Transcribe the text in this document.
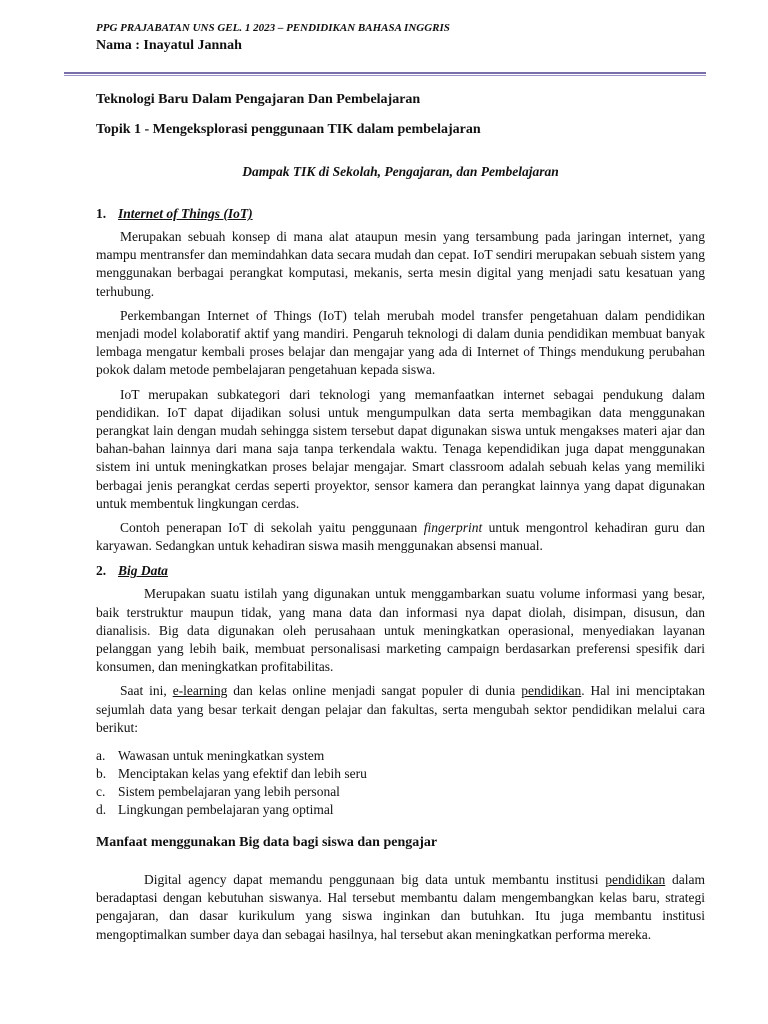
PPG PRAJABATAN UNS GEL. 1 2023 – PENDIDIKAN BAHASA INGGRIS

Nama : Inayatul Jannah

Teknologi Baru Dalam Pengajaran Dan Pembelajaran

Topik 1 - Mengeksplorasi penggunaan TIK dalam pembelajaran

Dampak TIK di Sekolah, Pengajaran, dan Pembelajaran

1. Internet of Things (IoT)

Merupakan sebuah konsep di mana alat ataupun mesin yang tersambung pada jaringan internet, yang mampu mentransfer dan memindahkan data secara mudah dan cepat. IoT sendiri merupakan sebuah sistem yang menggunakan berbagai perangkat komputasi, mekanis, serta mesin digital yang menjadi satu kesatuan yang terhubung.

Perkembangan Internet of Things (IoT) telah merubah model transfer pengetahuan dalam pendidikan menjadi model kolaboratif aktif yang mandiri. Pengaruh teknologi di dalam dunia pendidikan membuat banyak lembaga mengatur kembali proses belajar dan mengajar yang ada di Internet of Things mendukung perubahan pokok dalam metode pembelajaran pengetahuan kepada siswa.

IoT merupakan subkategori dari teknologi yang memanfaatkan internet sebagai pendukung dalam pendidikan. IoT dapat dijadikan solusi untuk mengumpulkan data serta membagikan data menggunakan perangkat lain dengan mudah sehingga sistem tersebut dapat digunakan siswa untuk mengakses materi ajar dan bahan-bahan lainnya dari mana saja tanpa terkendala waktu. Tenaga kependidikan juga dapat menggunakan sistem ini untuk meningkatkan proses belajar mengajar. Smart classroom adalah sebuah kelas yang memiliki berbagai jenis perangkat cerdas seperti proyektor, sensor kamera dan perangkat lainnya yang dapat digunakan untuk membentuk lingkungan cerdas.

Contoh penerapan IoT di sekolah yaitu penggunaan fingerprint untuk mengontrol kehadiran guru dan karyawan. Sedangkan untuk kehadiran siswa masih menggunakan absensi manual.

2. Big Data

Merupakan suatu istilah yang digunakan untuk menggambarkan suatu volume informasi yang besar, baik terstruktur maupun tidak, yang mana data dan informasi nya dapat diolah, disimpan, disusun, dan dianalisis. Big data digunakan oleh perusahaan untuk meningkatkan operasional, menyediakan layanan pelanggan yang lebih baik, membuat personalisasi marketing campaign berdasarkan preferensi spesifik dari konsumen, dan meningkatkan profitabilitas.

Saat ini, e-learning dan kelas online menjadi sangat populer di dunia pendidikan. Hal ini menciptakan sejumlah data yang besar terkait dengan pelajar dan fakultas, serta mengubah sektor pendidikan melalui cara berikut:

a. Wawasan untuk meningkatkan system
b. Menciptakan kelas yang efektif dan lebih seru
c. Sistem pembelajaran yang lebih personal
d. Lingkungan pembelajaran yang optimal

Manfaat menggunakan Big data bagi siswa dan pengajar

Digital agency dapat memandu penggunaan big data untuk membantu institusi pendidikan dalam beradaptasi dengan kebutuhan siswanya. Hal tersebut membantu dalam mengembangkan kelas baru, strategi pengajaran, dan dasar kurikulum yang siswa inginkan dan butuhkan. Itu juga membantu institusi mengoptimalkan sumber daya dan sebagai hasilnya, hal tersebut akan meningkatkan performa mereka.
